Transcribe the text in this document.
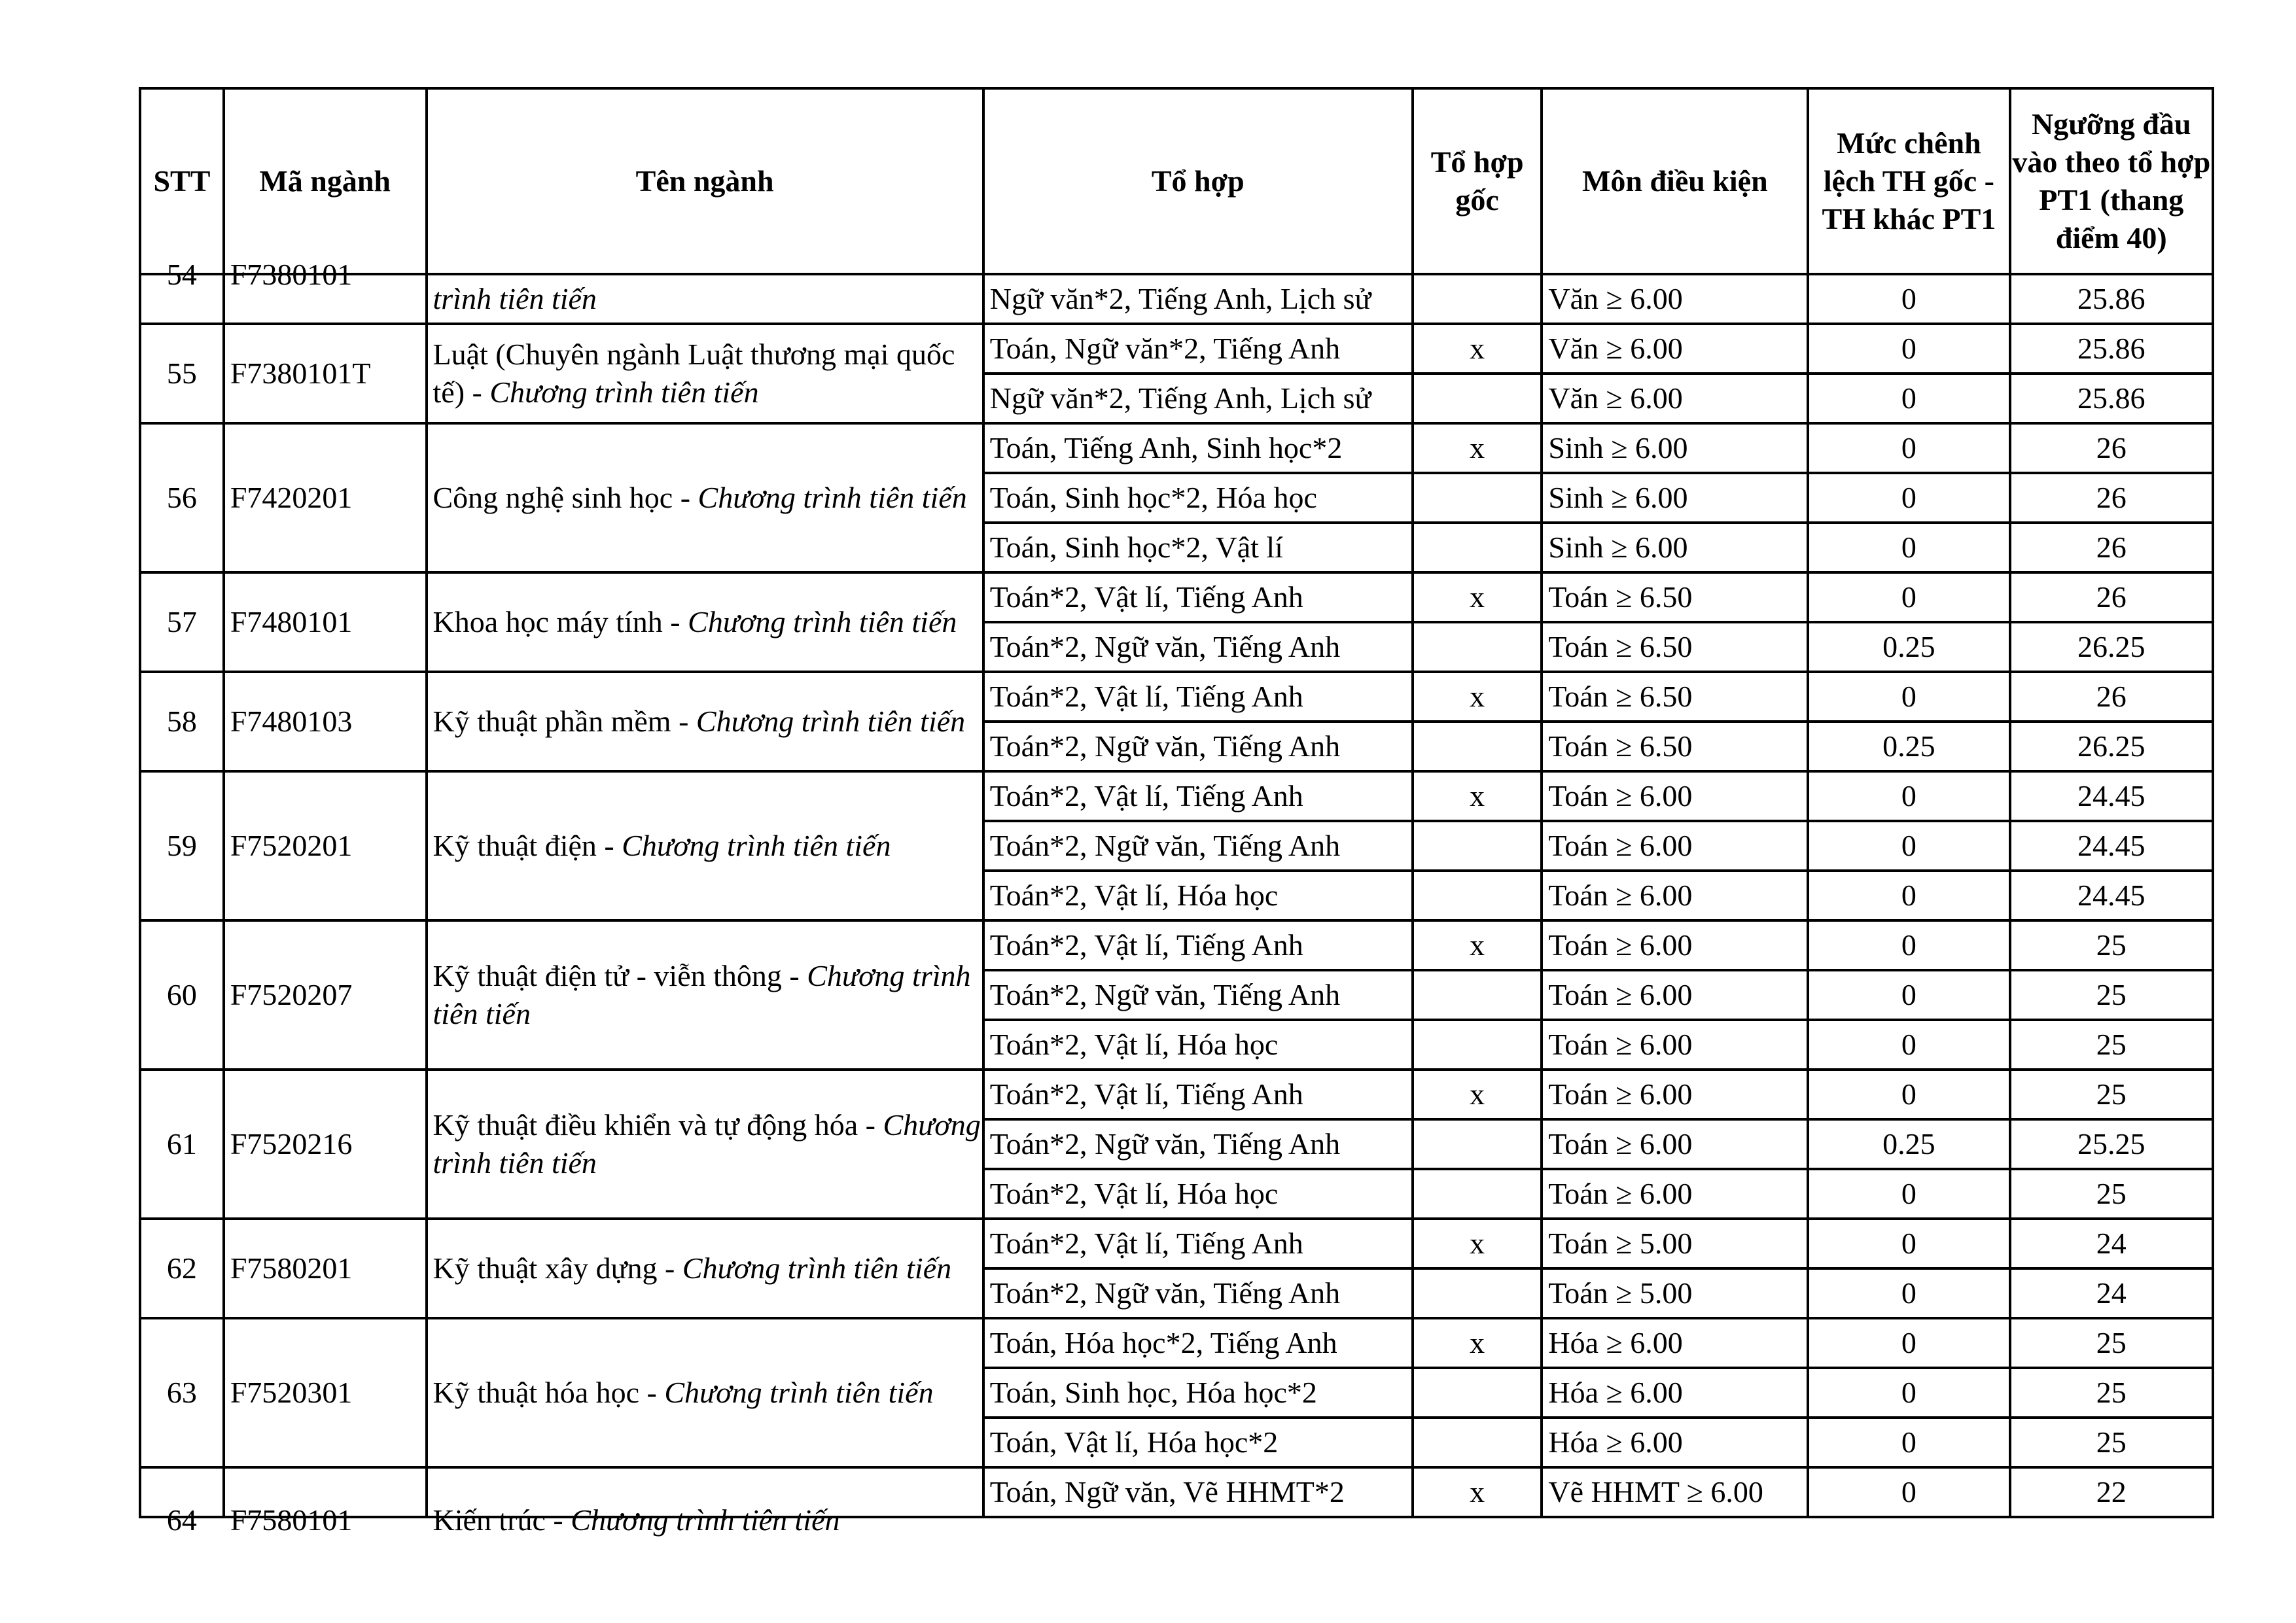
STT	Mã ngành	Tên ngành	Tổ hợp	Tổ hợp gốc	Môn điều kiện	Mức chênh lệch TH gốc - TH khác PT1	Ngưỡng đầu vào theo tổ hợp PT1 (thang điểm 40)

54	F7380101	trình tiên tiến	Ngữ văn*2, Tiếng Anh, Lịch sử		Văn ≥ 6.00	0	25.86
55	F7380101T	Luật (Chuyên ngành Luật thương mại quốc tế) - Chương trình tiên tiến	Toán, Ngữ văn*2, Tiếng Anh	x	Văn ≥ 6.00	0	25.86
			Ngữ văn*2, Tiếng Anh, Lịch sử		Văn ≥ 6.00	0	25.86
56	F7420201	Công nghệ sinh học - Chương trình tiên tiến	Toán, Tiếng Anh, Sinh học*2	x	Sinh ≥ 6.00	0	26
			Toán, Sinh học*2, Hóa học		Sinh ≥ 6.00	0	26
			Toán, Sinh học*2, Vật lí		Sinh ≥ 6.00	0	26
57	F7480101	Khoa học máy tính - Chương trình tiên tiến	Toán*2, Vật lí, Tiếng Anh	x	Toán ≥ 6.50	0	26
			Toán*2, Ngữ văn, Tiếng Anh		Toán ≥ 6.50	0.25	26.25
58	F7480103	Kỹ thuật phần mềm - Chương trình tiên tiến	Toán*2, Vật lí, Tiếng Anh	x	Toán ≥ 6.50	0	26
			Toán*2, Ngữ văn, Tiếng Anh		Toán ≥ 6.50	0.25	26.25
59	F7520201	Kỹ thuật điện - Chương trình tiên tiến	Toán*2, Vật lí, Tiếng Anh	x	Toán ≥ 6.00	0	24.45
			Toán*2, Ngữ văn, Tiếng Anh		Toán ≥ 6.00	0	24.45
			Toán*2, Vật lí, Hóa học		Toán ≥ 6.00	0	24.45
60	F7520207	Kỹ thuật điện tử - viễn thông - Chương trình tiên tiến	Toán*2, Vật lí, Tiếng Anh	x	Toán ≥ 6.00	0	25
			Toán*2, Ngữ văn, Tiếng Anh		Toán ≥ 6.00	0	25
			Toán*2, Vật lí, Hóa học		Toán ≥ 6.00	0	25
61	F7520216	Kỹ thuật điều khiển và tự động hóa - Chương trình tiên tiến	Toán*2, Vật lí, Tiếng Anh	x	Toán ≥ 6.00	0	25
			Toán*2, Ngữ văn, Tiếng Anh		Toán ≥ 6.00	0.25	25.25
			Toán*2, Vật lí, Hóa học		Toán ≥ 6.00	0	25
62	F7580201	Kỹ thuật xây dựng - Chương trình tiên tiến	Toán*2, Vật lí, Tiếng Anh	x	Toán ≥ 5.00	0	24
			Toán*2, Ngữ văn, Tiếng Anh		Toán ≥ 5.00	0	24
63	F7520301	Kỹ thuật hóa học - Chương trình tiên tiến	Toán, Hóa học*2, Tiếng Anh	x	Hóa ≥ 6.00	0	25
			Toán, Sinh học, Hóa học*2		Hóa ≥ 6.00	0	25
			Toán, Vật lí, Hóa học*2		Hóa ≥ 6.00	0	25

64	F7580101	Kiến trúc - Chương trình tiên tiến	Toán, Ngữ văn, Vẽ HHMT*2	x	Vẽ HHMT ≥ 6.00	0	22
